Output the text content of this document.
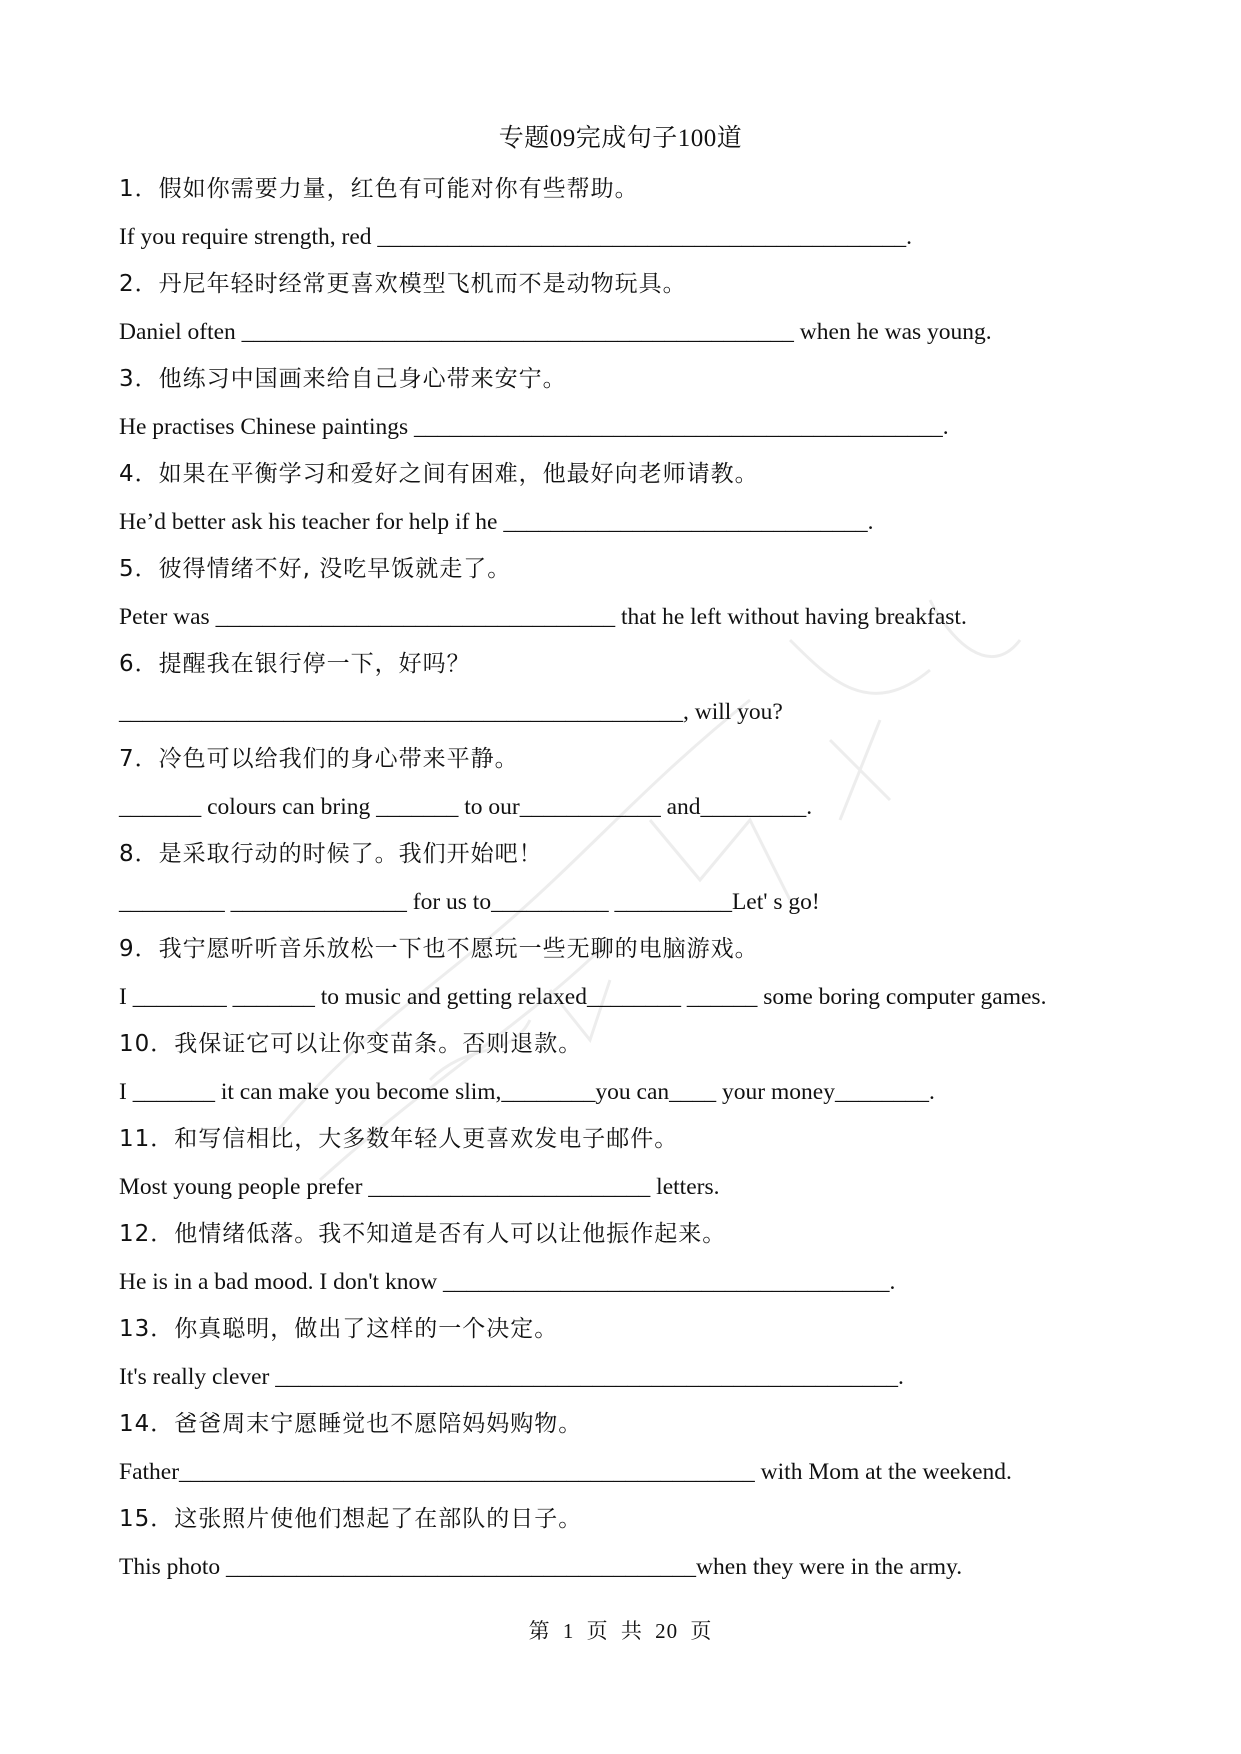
专题09完成句子100道
1．假如你需要力量，红色有可能对你有些帮助。
If you require strength, red _____________________________________________.
2．丹尼年轻时经常更喜欢模型飞机而不是动物玩具。
Daniel often _______________________________________________ when he was young.
3．他练习中国画来给自己身心带来安宁。
He practises Chinese paintings _____________________________________________.
4．如果在平衡学习和爱好之间有困难，他最好向老师请教。
He’d better ask his teacher for help if he _______________________________.
5．彼得情绪不好, 没吃早饭就走了。
Peter was __________________________________ that he left without having breakfast.
6．提醒我在银行停一下，好吗？
________________________________________________, will you?
7．冷色可以给我们的身心带来平静。
_______ colours can bring _______ to our____________ and_________.
8．是采取行动的时候了。我们开始吧！
_________ _______________ for us to__________ __________Let' s go!
9．我宁愿听听音乐放松一下也不愿玩一些无聊的电脑游戏。
I ________ _______ to music and getting relaxed________ ______ some boring computer games.
10．我保证它可以让你变苗条。否则退款。
I _______ it can make you become slim,________you can____ your money________.
11．和写信相比，大多数年轻人更喜欢发电子邮件。
Most young people prefer ________________________ letters.
12．他情绪低落。我不知道是否有人可以让他振作起来。
He is in a bad mood. I don't know ______________________________________.
13．你真聪明，做出了这样的一个决定。
It's really clever _____________________________________________________.
14．爸爸周末宁愿睡觉也不愿陪妈妈购物。
Father_________________________________________________ with Mom at the weekend.
15．这张照片使他们想起了在部队的日子。
This photo ________________________________________when they were in the army.
第 1 页 共 20 页
